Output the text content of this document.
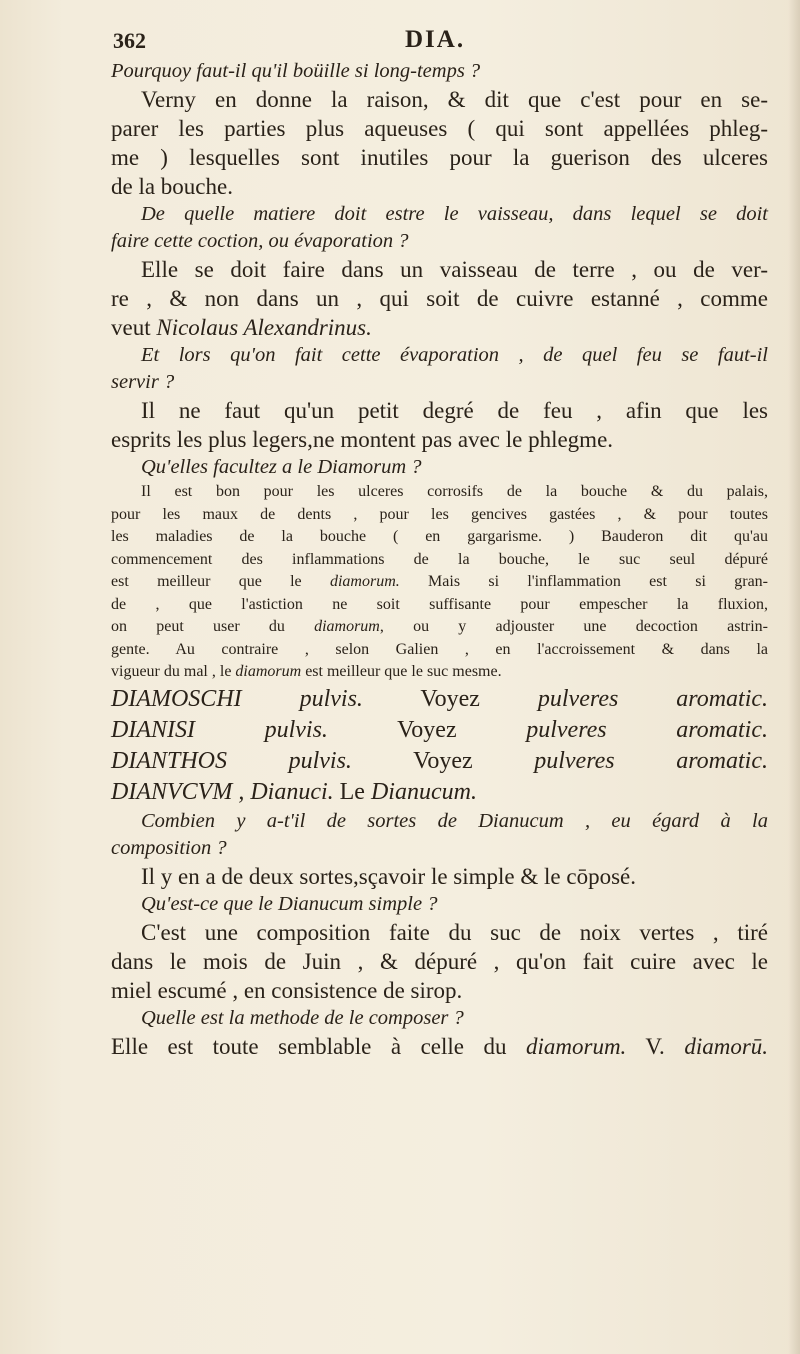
362	DIA.
Pourquoy faut-il qu'il boüille si long-temps ?
Verny en donne la raison, & dit que c'est pour en se-
parer les parties plus aqueuses ( qui sont appellées phleg-
me ) lesquelles sont inutiles pour la guerison des ulceres
de la bouche.
De quelle matiere doit estre le vaisseau, dans lequel se doit
faire cette coction, ou évaporation ?
Elle se doit faire dans un vaisseau de terre , ou de ver-
re , & non dans un , qui soit de cuivre estanné , comme
veut Nicolaus Alexandrinus.
Et lors qu'on fait cette évaporation , de quel feu se faut-il
servir ?
Il ne faut qu'un petit degré de feu , afin que les
esprits les plus legers,ne montent pas avec le phlegme.
Qu'elles facultez a le Diamorum ?
Il est bon pour les ulceres corrosifs de la bouche & du palais,
pour les maux de dents , pour les gencives gastées , & pour toutes
les maladies de la bouche ( en gargarisme. ) Bauderon dit qu'au
commencement des inflammations de la bouche, le suc seul dépuré
est meilleur que le diamorum. Mais si l'inflammation est si gran-
de , que l'astiction ne soit suffisante pour empescher la fluxion,
on peut user du diamorum, ou y adjouster une decoction astrin-
gente. Au contraire , selon Galien , en l'accroissement & dans la
vigueur du mal , le diamorum est meilleur que le suc mesme.
DIAMOSCHI pulvis. Voyez pulveres aromatic.
DIANISI pulvis. Voyez pulveres aromatic.
DIANTHOS pulvis. Voyez pulveres aromatic.
DIANVCVM , Dianuci. Le Dianucum.
Combien y a-t'il de sortes de Dianucum , eu égard à la
composition ?
Il y en a de deux sortes,sçavoir le simple & le cōposé.
Qu'est-ce que le Dianucum simple ?
C'est une composition faite du suc de noix vertes , tiré
dans le mois de Juin , & dépuré , qu'on fait cuire avec le
miel escumé , en consistence de sirop.
Quelle est la methode de le composer ?
Elle est toute semblable à celle du diamorum. V. diamorū.
